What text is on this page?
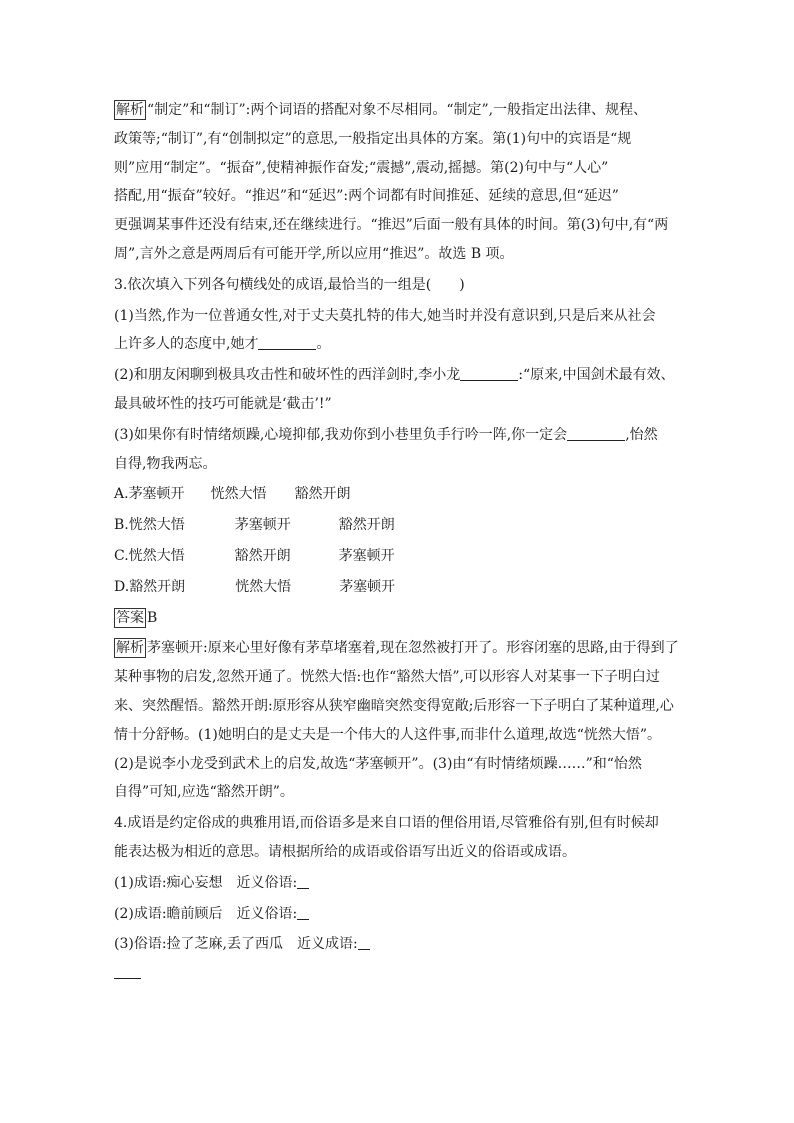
解析 “制定”和“制订”:两个词语的搭配对象不尽相同。“制定”,一般指定出法律、规程、

政策等;“制订”,有“创制拟定”的意思,一般指定出具体的方案。第(1)句中的宾语是“规

则”应用“制定”。“振奋”,使精神振作奋发;“震撼”,震动,摇撼。第(2)句中与“人心”

搭配,用“振奋”较好。“推迟”和“延迟”:两个词都有时间推延、延续的意思,但“延迟”

更强调某事件还没有结束,还在继续进行。“推迟”后面一般有具体的时间。第(3)句中,有“两

周”,言外之意是两周后有可能开学,所以应用“推迟”。故选 B 项。

3.依次填入下列各句横线处的成语,最恰当的一组是(　　)

(1)当然,作为一位普通女性,对于丈夫莫扎特的伟大,她当时并没有意识到,只是后来从社会

上许多人的态度中,她才	。

(2)和朋友闲聊到极具攻击性和破坏性的西洋剑时,李小龙	:“原来,中国剑术最有效、

最具破坏性的技巧可能就是‘截击’!”

(3)如果你有时情绪烦躁,心境抑郁,我劝你到小巷里负手行吟一阵,你一定会	,怡然

自得,物我两忘。

A. 茅塞顿开	恍然大悟	豁然开朗

B. 恍然大悟	茅塞顿开	豁然开朗

C. 恍然大悟	豁然开朗	茅塞顿开

D. 豁然开朗	恍然大悟	茅塞顿开

答案 B

解析 茅塞顿开:原来心里好像有茅草堵塞着,现在忽然被打开了。形容闭塞的思路,由于得到了

某种事物的启发,忽然开通了。恍然大悟:也作“豁然大悟”,可以形容人对某事一下子明白过

来、突然醒悟。豁然开朗:原形容从狭窄幽暗突然变得宽敞;后形容一下子明白了某种道理,心

情十分舒畅。(1)她明白的是丈夫是一个伟大的人这件事,而非什么道理,故选“恍然大悟”。

(2)是说李小龙受到武术上的启发,故选“茅塞顿开”。(3)由“有时情绪烦躁……”和“怡然

自得”可知,应选“豁然开朗”。

4.成语是约定俗成的典雅用语,而俗语多是来自口语的俚俗用语,尽管雅俗有别,但有时候却

能表达极为相近的意思。请根据所给的成语或俗语写出近义的俗语或成语。

(1)成语:痴心妄想　近义俗语:

(2)成语:瞻前顾后　近义俗语:

(3)俗语:捡了芝麻,丢了西瓜　近义成语:
